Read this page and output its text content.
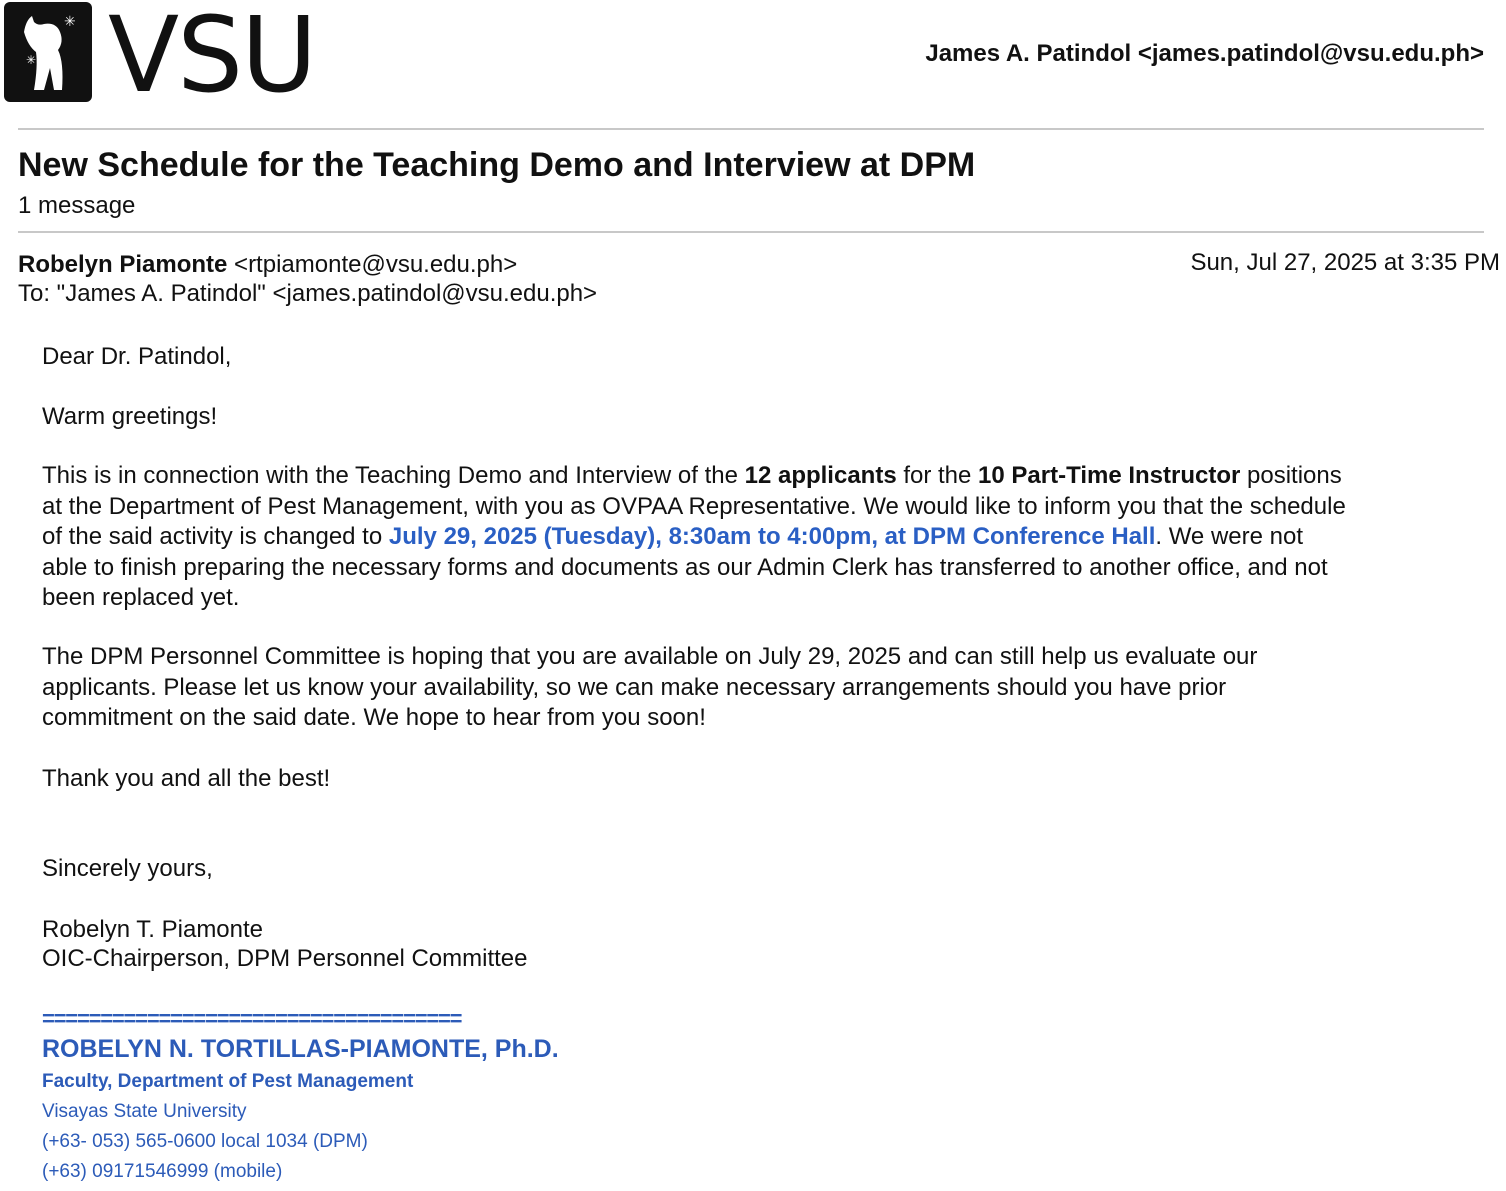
✳
✳ VSU	James A. Patindol <james.patindol@vsu.edu.ph>
New Schedule for the Teaching Demo and Interview at DPM
1 message
Robelyn Piamonte <rtpiamonte@vsu.edu.ph>
To: "James A. Patindol" <james.patindol@vsu.edu.ph>
Sun, Jul 27, 2025 at 3:35 PM
Dear Dr. Patindol,
Warm greetings!
This is in connection with the Teaching Demo and Interview of the 12 applicants for the 10 Part-Time Instructor positions
at the Department of Pest Management, with you as OVPAA Representative. We would like to inform you that the schedule
of the said activity is changed to July 29, 2025 (Tuesday), 8:30am to 4:00pm, at DPM Conference Hall. We were not
able to finish preparing the necessary forms and documents as our Admin Clerk has transferred to another office, and not
been replaced yet.
The DPM Personnel Committee is hoping that you are available on July 29, 2025 and can still help us evaluate our
applicants. Please let us know your availability, so we can make necessary arrangements should you have prior
commitment on the said date. We hope to hear from you soon!
Thank you and all the best!
Sincerely yours,
Robelyn T. Piamonte
OIC-Chairperson, DPM Personnel Committee
====================================
ROBELYN N. TORTILLAS-PIAMONTE, Ph.D.
Faculty, Department of Pest Management
Visayas State University
(+63- 053) 565-0600 local 1034 (DPM)
(+63) 09171546999 (mobile)
